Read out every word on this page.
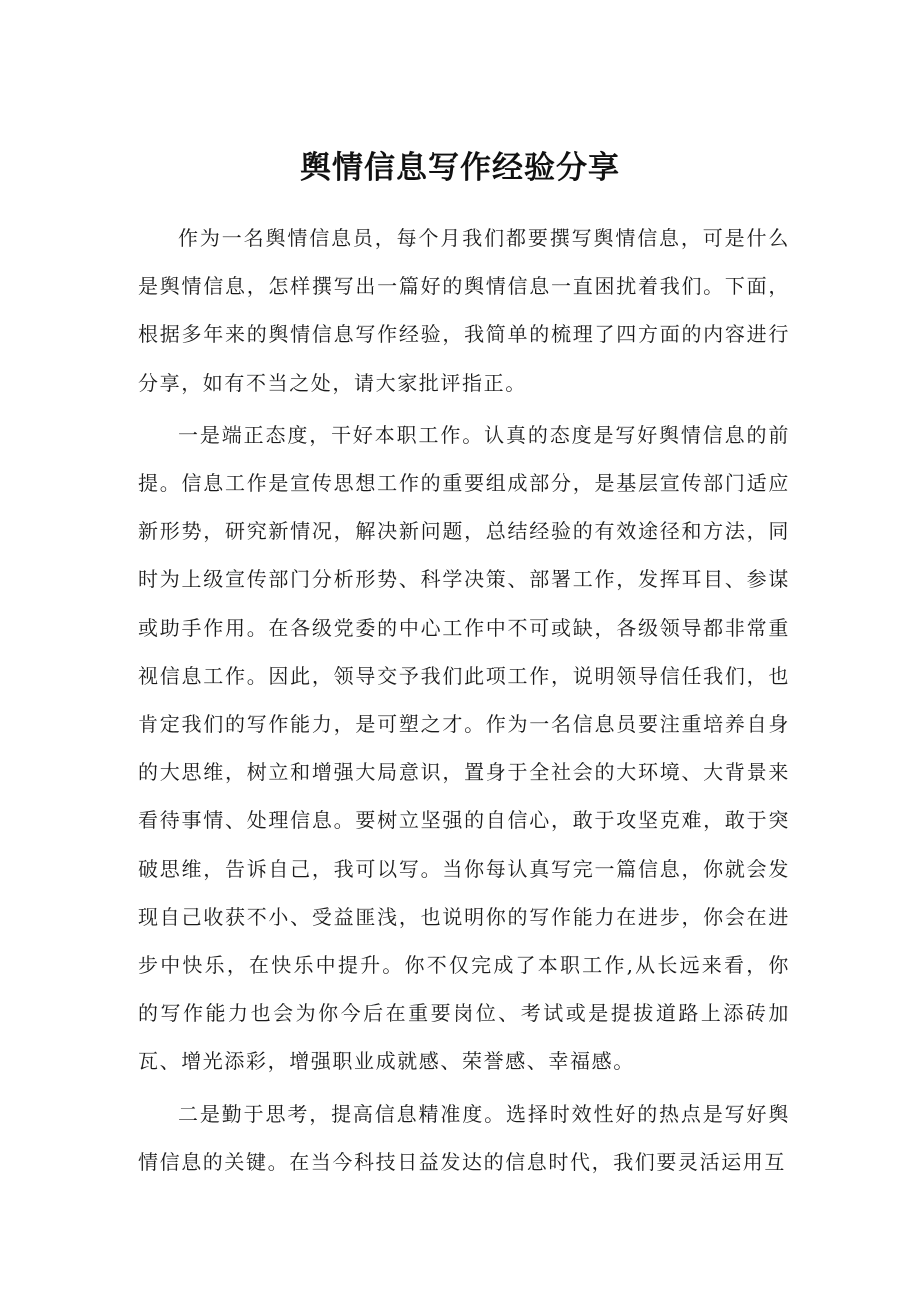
舆情信息写作经验分享

作为一名舆情信息员，每个月我们都要撰写舆情信息，可是什么是舆情信息，怎样撰写出一篇好的舆情信息一直困扰着我们。下面，根据多年来的舆情信息写作经验，我简单的梳理了四方面的内容进行分享，如有不当之处，请大家批评指正。

一是端正态度，干好本职工作。认真的态度是写好舆情信息的前提。信息工作是宣传思想工作的重要组成部分，是基层宣传部门适应新形势，研究新情况，解决新问题，总结经验的有效途径和方法，同时为上级宣传部门分析形势、科学决策、部署工作，发挥耳目、参谋或助手作用。在各级党委的中心工作中不可或缺，各级领导都非常重视信息工作。因此，领导交予我们此项工作，说明领导信任我们，也肯定我们的写作能力，是可塑之才。作为一名信息员要注重培养自身的大思维，树立和增强大局意识，置身于全社会的大环境、大背景来看待事情、处理信息。要树立坚强的自信心，敢于攻坚克难，敢于突破思维，告诉自己，我可以写。当你每认真写完一篇信息，你就会发现自己收获不小、受益匪浅，也说明你的写作能力在进步，你会在进步中快乐，在快乐中提升。你不仅完成了本职工作,从长远来看，你的写作能力也会为你今后在重要岗位、考试或是提拔道路上添砖加瓦、增光添彩，增强职业成就感、荣誉感、幸福感。

二是勤于思考，提高信息精准度。选择时效性好的热点是写好舆情信息的关键。在当今科技日益发达的信息时代，我们要灵活运用互
